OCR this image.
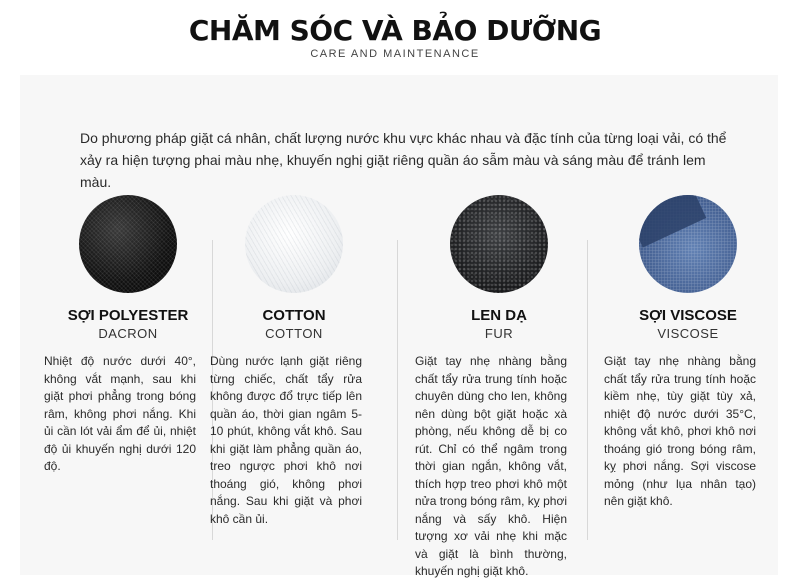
CHĂM SÓC VÀ BẢO DƯỠNG
CARE AND MAINTENANCE
Do phương pháp giặt cá nhân, chất lượng nước khu vực khác nhau và đặc tính của từng loại vải, có thể xảy ra hiện tượng phai màu nhẹ, khuyến nghị giặt riêng quần áo sẫm màu và sáng màu để tránh lem màu.
SỢI POLYESTER
DACRON
Nhiệt độ nước dưới 40°, không vắt mạnh, sau khi giặt phơi phẳng trong bóng râm, không phơi nắng. Khi ủi cần lót vải ẩm để ủi, nhiệt độ ủi khuyến nghị dưới 120 độ.
COTTON
COTTON
Dùng nước lạnh giặt riêng từng chiếc, chất tẩy rửa không được đổ trực tiếp lên quần áo, thời gian ngâm 5-10 phút, không vắt khô. Sau khi giặt làm phẳng quần áo, treo ngược phơi khô nơi thoáng gió, không phơi nắng. Sau khi giặt và phơi khô cần ủi.
LEN DẠ
FUR
Giặt tay nhẹ nhàng bằng chất tẩy rửa trung tính hoặc chuyên dùng cho len, không nên dùng bột giặt hoặc xà phòng, nếu không dễ bị co rút. Chỉ có thể ngâm trong thời gian ngắn, không vắt, thích hợp treo phơi khô một nửa trong bóng râm, kỵ phơi nắng và sấy khô. Hiện tượng xơ vải nhẹ khi mặc và giặt là bình thường, khuyến nghị giặt khô.
SỢI VISCOSE
VISCOSE
Giặt tay nhẹ nhàng bằng chất tẩy rửa trung tính hoặc kiềm nhẹ, tùy giặt tùy xả, nhiệt độ nước dưới 35°C, không vắt khô, phơi khô nơi thoáng gió trong bóng râm, kỵ phơi nắng. Sợi viscose mỏng (như lụa nhân tạo) nên giặt khô.
